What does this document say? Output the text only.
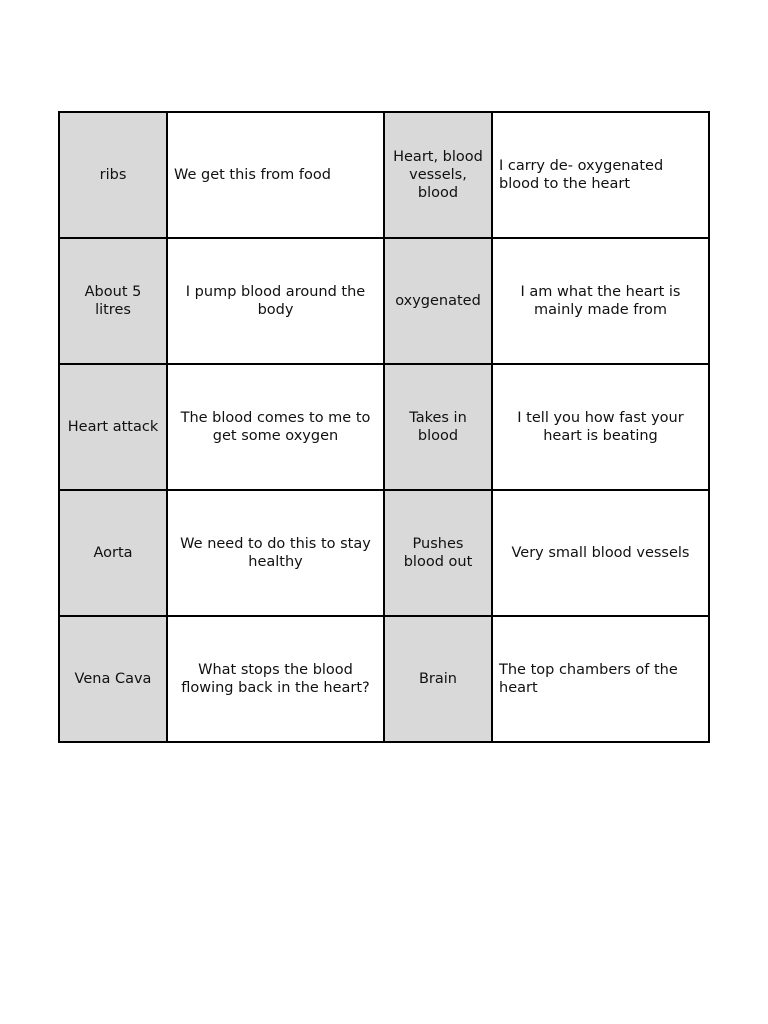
ribs	We get this from food	Heart, blood vessels, blood	I carry de- oxygenated blood to the heart
About 5 litres	I pump blood around the body	oxygenated	I am what the heart is mainly made from
Heart attack	The blood comes to me to get some oxygen	Takes in blood	I tell you how fast your heart is beating
Aorta	We need to do this to stay healthy	Pushes blood out	Very small blood vessels
Vena Cava	What stops the blood flowing back in the heart?	Brain	The top chambers of the heart
